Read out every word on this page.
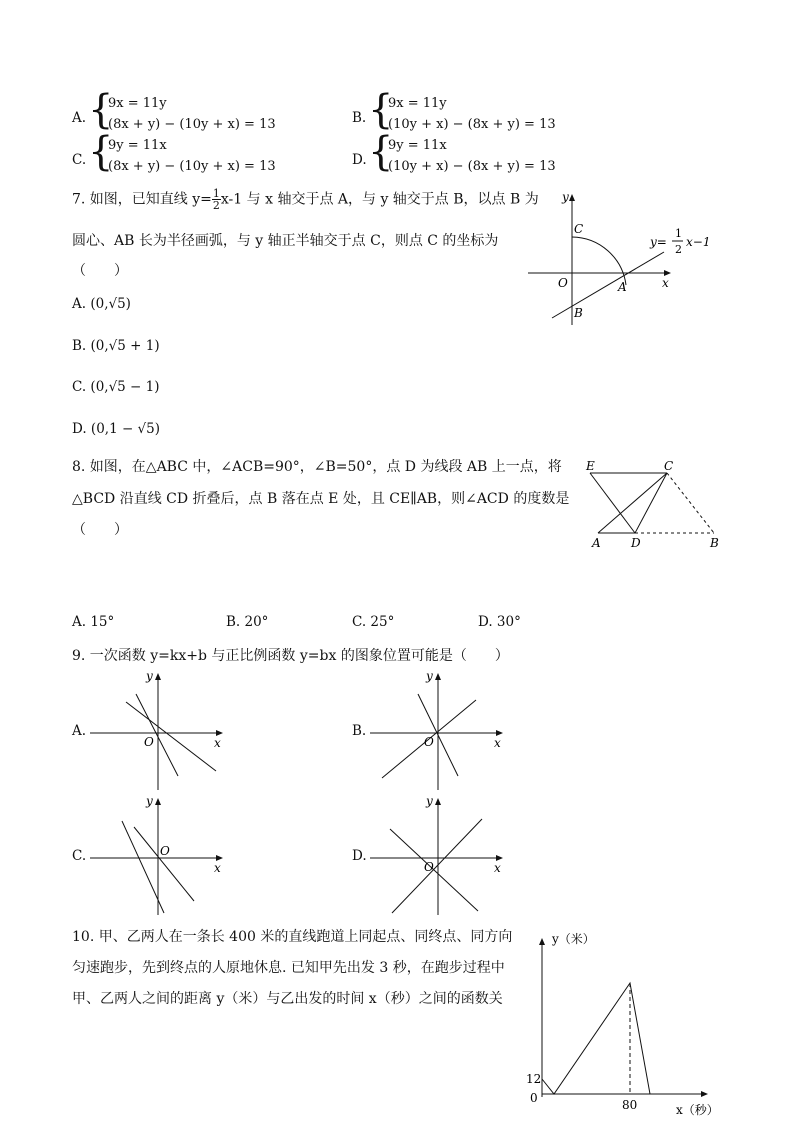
A. {
9x = 11y
(8x + y) − (10y + x) = 13	B. {
9x = 11y
(10y + x) − (8x + y) = 13
C. {
9y = 11x
(8x + y) − (10y + x) = 13	D. {
9y = 11x
(10y + x) − (8x + y) = 13
7. 如图，已知直线 $y= \frac{1}{2} x-1$ 与 x 轴交于点 A，与 y 轴交于点 B，以点 B 为
圆心、AB 长为半径画弧，与 y 轴正半轴交于点 C，则点 C 的坐标为
（　　）
A. (0,√5)
B. (0,√5 + 1)
C. (0,√5 − 1)
D. (0,1 − √5)
y
x
O	A
B
C
y=
1
2
x−1
8. 如图，在△ABC 中，∠ACB=90°，∠B=50°，点 D 为线段 AB 上一点，将
△BCD 沿直线 CD 折叠后，点 B 落在点 E 处，且 CE∥AB，则∠ACD 的度数是
（　　）
E	C
A	D	B
A. 15°	B. 20°	C. 25°	D. 30°
9. 一次函数 y=kx+b 与正比例函数 y=bx 的图象位置可能是（　　）
A.
y
x
O
B.
y
x
O
C.
y
x
O	D.
y
x
O
10. 甲、乙两人在一条长 400 米的直线跑道上同起点、同终点、同方向
匀速跑步，先到终点的人原地休息. 已知甲先出发 3 秒，在跑步过程中
甲、乙两人之间的距离 y（米）与乙出发的时间 x（秒）之间的函数关
y（米）
x（秒）
12
0	80
